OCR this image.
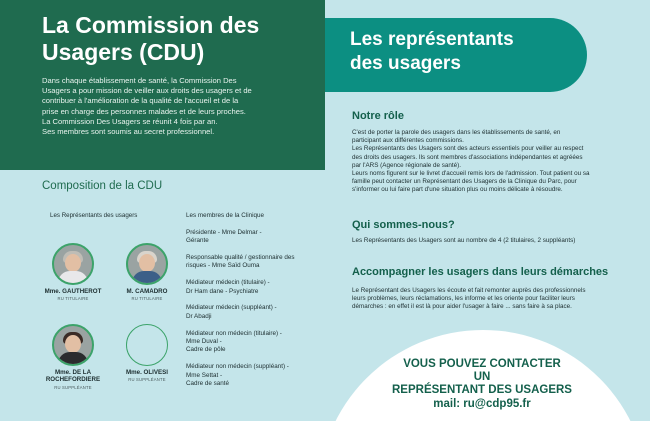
La Commission des
Usagers (CDU)

Dans chaque établissement de santé, la Commission Des

Usagers a pour mission de veiller aux droits des usagers et de

contribuer à l'amélioration de la qualité de l'accueil et de la

prise en charge des personnes malades et de leurs proches.

La Commission Des Usagers se réunit 4 fois par an.

Ses membres sont soumis au secret professionnel.

Composition de la CDU
Les Représentants des usagers
Mme. GAUTHEROT
RU TITULAIRE
M. CAMADRO
RU TITULAIRE
Mme. DE LA
ROCHEFORDIERE
RU SUPPLÉANTE
Mme. OLIVESI
RU SUPPLÉANTE
Les membres de la Clinique
Présidente - Mme Delmar -
Gérante
Responsable qualité / gestionnaire des
risques - Mme Saïd Ouma
Médiateur médecin (titulaire) -
Dr Ham dane - Psychiatre
Médiateur médecin (suppléant) -
Dr Abadji
Médiateur non médecin (titulaire) -
Mme Duval -
Cadre de pôle
Médiateur non médecin (suppléant) -
Mme Settat -
Cadre de santé
Les représentants
des usagers
Notre rôle

C'est de porter la parole des usagers dans les établissements de santé, en

participant aux différentes commissions.

Les Représentants des Usagers sont des acteurs essentiels pour veiller au respect

des droits des usagers. Ils sont membres d'associations indépendantes et agréées

par l'ARS (Agence régionale de santé).

Leurs noms figurent sur le livret d'accueil remis lors de l'admission. Tout patient ou sa

famille peut contacter un Représentant des Usagers de la Clinique du Parc, pour

s'informer ou lui faire part d'une situation plus ou moins délicate à résoudre.

Qui sommes-nous?
Les Représentants des Usagers sont au nombre de 4 (2 titulaires, 2 suppléants)
Accompagner les usagers dans leurs démarches

Le Représentant des Usagers les écoute et fait remonter auprès des professionnels

leurs problèmes, leurs réclamations, les informe et les oriente pour faciliter leurs

démarches : en effet il est là pour aider l'usager à faire ... sans faire à sa place.

VOUS POUVEZ CONTACTER
UN
REPRÉSENTANT DES USAGERS
mail: ru@cdp95.fr
